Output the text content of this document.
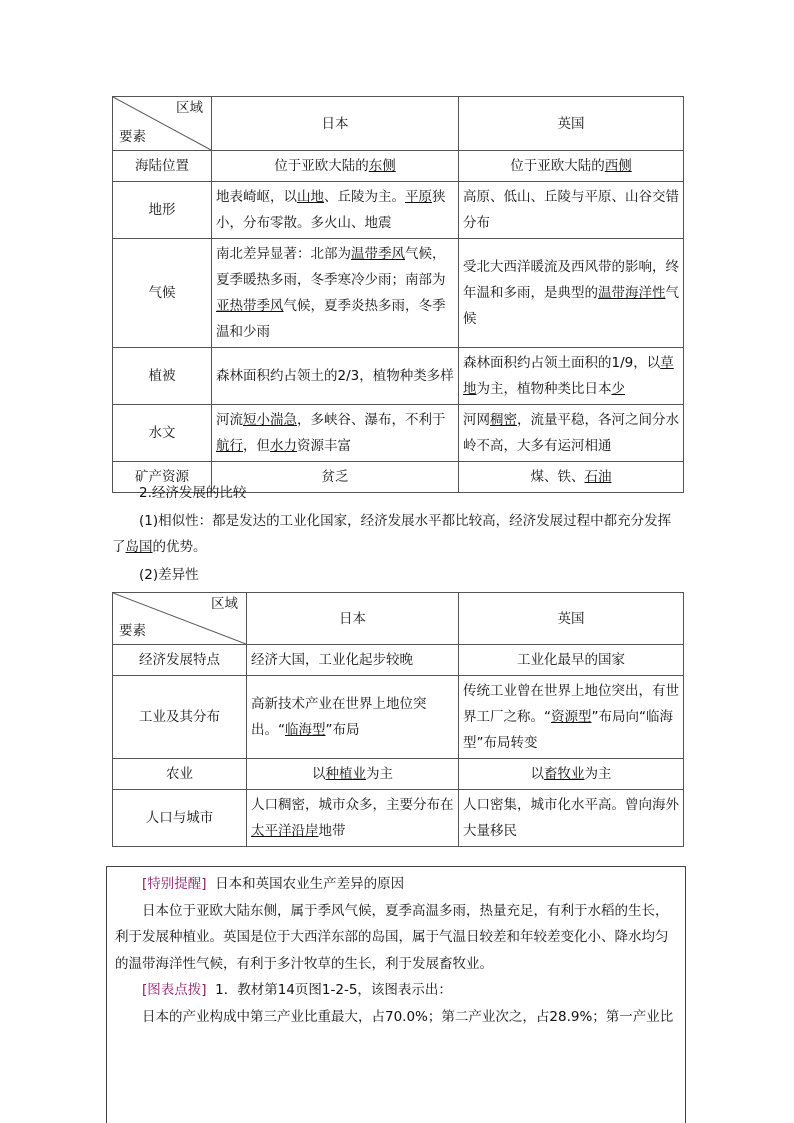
区域
要素	日本	英国
海陆位置	位于亚欧大陆的东侧	位于亚欧大陆的西侧
地形	地表崎岖，以山地、丘陵为主。平原狭小，分布零散。多火山、地震	高原、低山、丘陵与平原、山谷交错分布
气候	南北差异显著：北部为温带季风气候，夏季暖热多雨，冬季寒冷少雨；南部为亚热带季风气候，夏季炎热多雨，冬季温和少雨	受北大西洋暖流及西风带的影响，终年温和多雨，是典型的温带海洋性气候
植被	森林面积约占领土的2/3，植物种类多样	森林面积约占领土面积的1/9，以草地为主，植物种类比日本少
水文	河流短小湍急，多峡谷、瀑布，不利于航行，但水力资源丰富	河网稠密，流量平稳，各河之间分水岭不高，大多有运河相通
矿产资源	贫乏	煤、铁、石油
2.经济发展的比较
(1)相似性：都是发达的工业化国家，经济发展水平都比较高，经济发展过程中都充分发挥了岛国的优势。
(2)差异性
区域
要素	日本	英国
经济发展特点	经济大国，工业化起步较晚	工业化最早的国家
工业及其分布	高新技术产业在世界上地位突出。“临海型”布局	传统工业曾在世界上地位突出，有世界工厂之称。“资源型”布局向“临海型”布局转变
农业	以种植业为主	以畜牧业为主
人口与城市	人口稠密，城市众多，主要分布在太平洋沿岸地带	人口密集，城市化水平高。曾向海外大量移民

[特别提醒] 日本和英国农业生产差异的原因

日本位于亚欧大陆东侧，属于季风气候，夏季高温多雨，热量充足，有利于水稻的生长，利于发展种植业。英国是位于大西洋东部的岛国，属于气温日较差和年较差变化小、降水均匀的温带海洋性气候，有利于多汁牧草的生长，利于发展畜牧业。

[图表点拨] 1．教材第14页图1-2-5，该图表示出：

日本的产业构成中第三产业比重最大，占70.0%；第二产业次之，占28.9%；第一产业比
